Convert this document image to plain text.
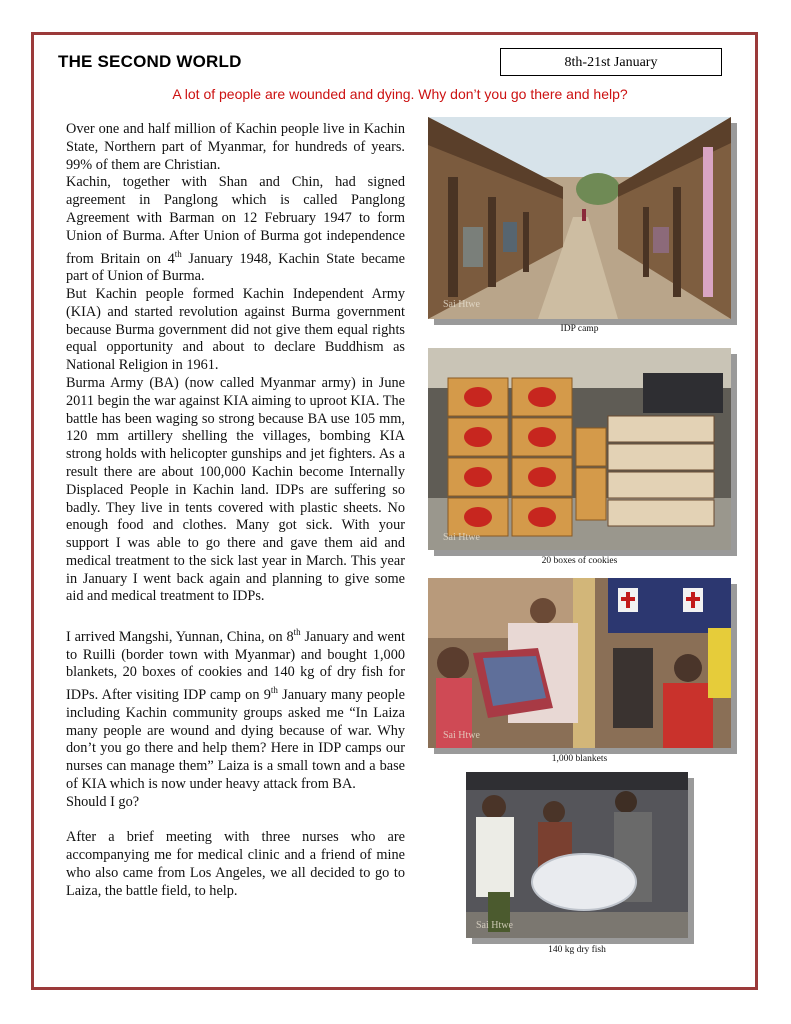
THE SECOND WORLD	8th-21st January
A lot of people are wounded and dying. Why don’t you go there and help?

Over one and half million of Kachin people live in Kachin State, Northern part of Myanmar, for hundreds of years. 99% of them are Christian.

Kachin, together with Shan and Chin, had signed agreement in Panglong which is called Panglong Agreement with Barman on 12 February 1947 to form Union of Burma. After Union of Burma got independence from Britain on 4th January 1948, Kachin State became part of Union of Burma.

But Kachin people formed Kachin Independent Army (KIA) and started revolution against Burma government because Burma government did not give them equal rights equal opportunity and about to declare Buddhism as National Religion in 1961.

Burma Army (BA) (now called Myanmar army) in June 2011 begin the war against KIA aiming to uproot KIA. The battle has been waging so strong because BA use 105 mm, 120 mm artillery shelling the villages, bombing KIA strong holds with helicopter gunships and jet fighters. As a result there are about 100,000 Kachin become Internally Displaced People in Kachin land. IDPs are suffering so badly. They live in tents covered with plastic sheets. No enough food and clothes. Many got sick. With your support I was able to go there and gave them aid and medical treatment to the sick last year in March. This year in January I went back again and planning to give some aid and medical treatment to IDPs.

I arrived Mangshi, Yunnan, China, on 8th January and went to Ruilli (border town with Myanmar) and bought 1,000 blankets, 20 boxes of cookies and 140 kg of dry fish for IDPs. After visiting IDP camp on 9th January many people including Kachin community groups asked me “In Laiza many people are wound and dying because of war. Why don’t you go there and help them? Here in IDP camps our nurses can manage them” Laiza is a small town and a base of KIA which is now under heavy attack from BA.

Should I go?

After a brief meeting with three nurses who are accompanying me for medical clinic and a friend of mine who also came from Los Angeles, we all decided to go to Laiza, the battle field, to help.

Sai Htwe
IDP camp
Sai Htwe
20 boxes of cookies
Sai Htwe
1,000 blankets
Sai Htwe
140 kg dry fish
